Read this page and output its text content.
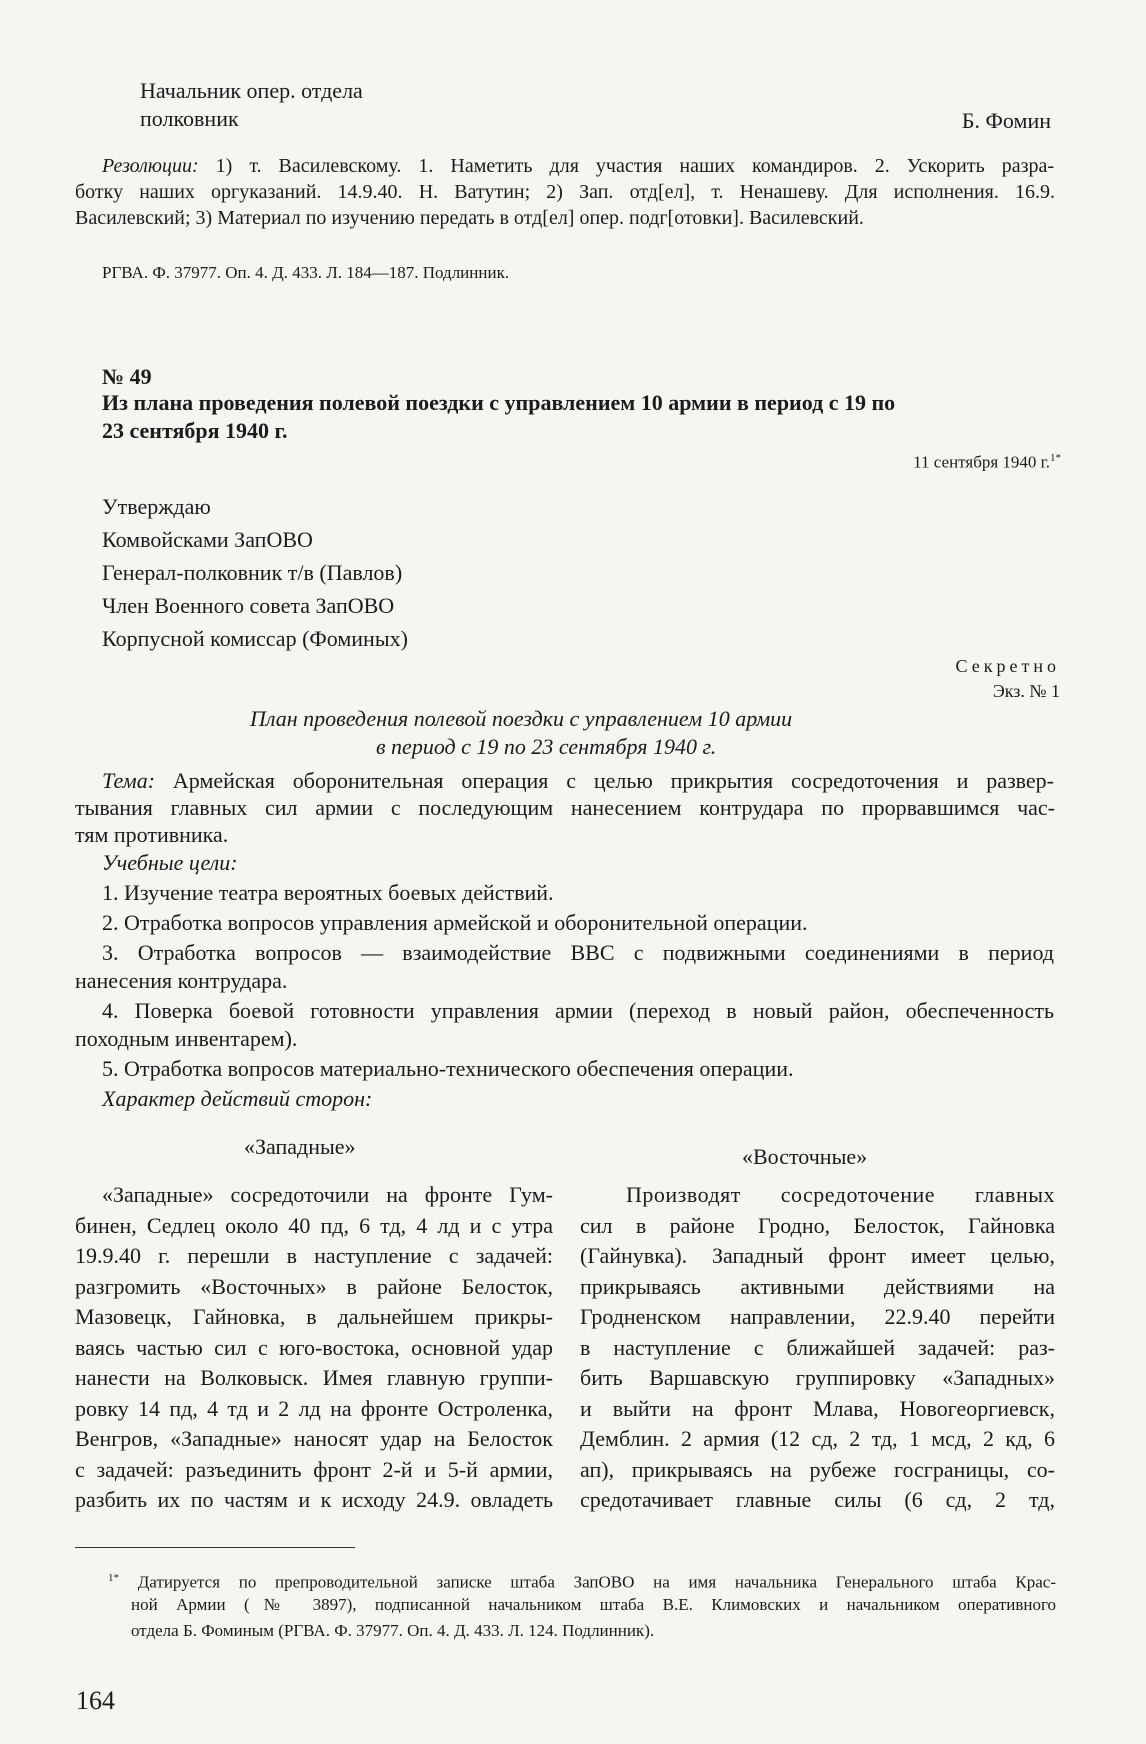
Начальник опер. отдела
полковник	Б. Фомин
Резолюции: 1) т. Василевскому. 1. Наметить для участия наших командиров. 2. Ускорить разра-
ботку наших оргуказаний. 14.9.40. Н. Ватутин; 2) Зап. отд[ел], т. Ненашеву. Для исполнения. 16.9.
Василевский; 3) Материал по изучению передать в отд[ел] опер. подг[отовки]. Василевский.
РГВА. Ф. 37977. Оп. 4. Д. 433. Л. 184—187. Подлинник.
№ 49
Из плана проведения полевой поездки с управлением 10 армии в период с 19 по
23 сентября 1940 г.
11 сентября 1940 г.$^{1*}$
Утверждаю
Комвойсками ЗапОВО
Генерал-полковник т/в (Павлов)
Член Военного совета ЗапОВО
Корпусной комиссар (Фоминых)
Секретно
Экз. № 1
План проведения полевой поездки с управлением 10 армии
в период с 19 по 23 сентября 1940 г.
Тема: Армейская оборонительная операция с целью прикрытия сосредоточения и развер-
тывания главных сил армии с последующим нанесением контрудара по прорвавшимся час-
тям противника.
Учебные цели:
1. Изучение театра вероятных боевых действий.
2. Отработка вопросов управления армейской и оборонительной операции.
3. Отработка вопросов — взаимодействие ВВС с подвижными соединениями в период
нанесения контрудара.
4. Поверка боевой готовности управления армии (переход в новый район, обеспеченность
походным инвентарем).
5. Отработка вопросов материально-технического обеспечения операции.
Характер действий сторон:
«Западные»	«Восточные»
«Западные» сосредоточили на фронте Гум-
бинен, Седлец около 40 пд, 6 тд, 4 лд и с утра
19.9.40 г. перешли в наступление с задачей:
разгромить «Восточных» в районе Белосток,
Мазовецк, Гайновка, в дальнейшем прикры-
ваясь частью сил с юго-востока, основной удар
нанести на Волковыск. Имея главную группи-
ровку 14 пд, 4 тд и 2 лд на фронте Остроленка,
Венгров, «Западные» наносят удар на Белосток
с задачей: разъединить фронт 2-й и 5-й армии,
разбить их по частям и к исходу 24.9. овладеть
Производят сосредоточение главных
сил в районе Гродно, Белосток, Гайновка
(Гайнувка). Западный фронт имеет целью,
прикрываясь активными действиями на
Гродненском направлении, 22.9.40 перейти
в наступление с ближайшей задачей: раз-
бить Варшавскую группировку «Западных»
и выйти на фронт Млава, Новогеоргиевск,
Демблин. 2 армия (12 сд, 2 тд, 1 мсд, 2 кд, 6
ап), прикрываясь на рубеже госграницы, со-
средотачивает главные силы (6 сд, 2 тд,
$^{1*}$ Датируется по препроводительной записке штаба ЗапОВО на имя начальника Генерального штаба Крас-
ной Армии (№ 3897), подписанной начальником штаба В.Е. Климовских и начальником оперативного
отдела Б. Фоминым (РГВА. Ф. 37977. Оп. 4. Д. 433. Л. 124. Подлинник).
164
